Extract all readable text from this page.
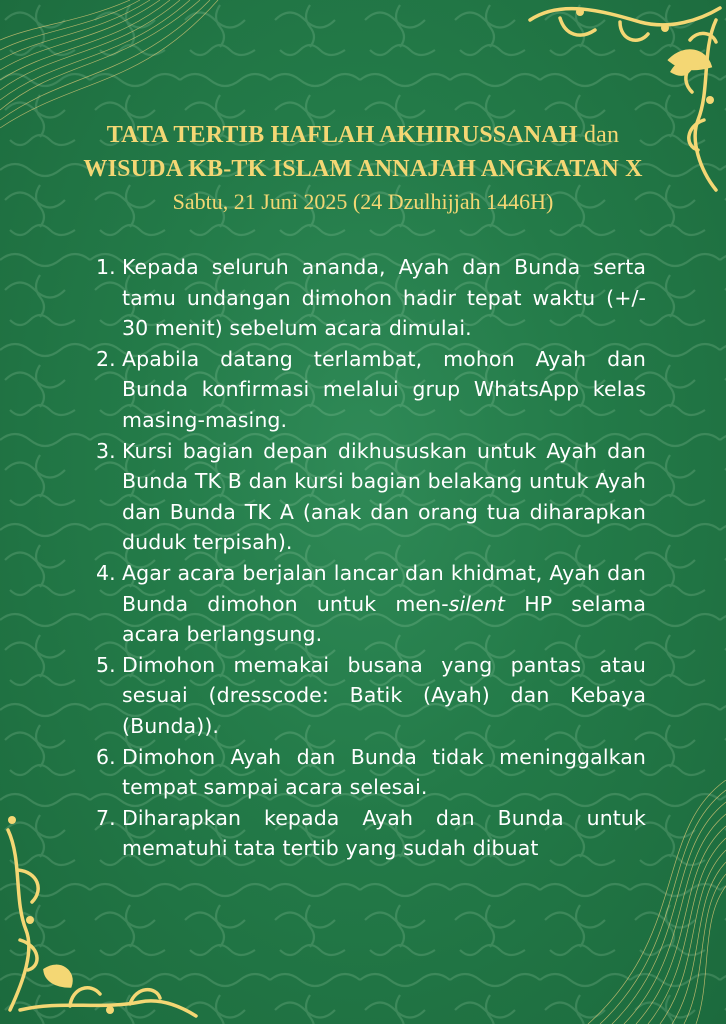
TATA TERTIB HAFLAH AKHIRUSSANAH dan
WISUDA KB-TK ISLAM ANNAJAH ANGKATAN X
Sabtu, 21 Juni 2025 (24 Dzulhijjah 1446H)
1. Kepada seluruh ananda, Ayah dan Bunda serta tamu undangan dimohon hadir tepat waktu (+/- 30 menit) sebelum acara dimulai.
2. Apabila datang terlambat, mohon Ayah dan Bunda konfirmasi melalui grup WhatsApp kelas masing-masing.
3. Kursi bagian depan dikhususkan untuk Ayah dan Bunda TK B dan kursi bagian belakang untuk Ayah dan Bunda TK A (anak dan orang tua diharapkan duduk terpisah).
4. Agar acara berjalan lancar dan khidmat, Ayah dan Bunda dimohon untuk men-silent HP selama acara berlangsung.
5. Dimohon memakai busana yang pantas atau sesuai (dresscode: Batik (Ayah) dan Kebaya (Bunda)).
6. Dimohon Ayah dan Bunda tidak meninggalkan tempat sampai acara selesai.
7. Diharapkan kepada Ayah dan Bunda untuk mematuhi tata tertib yang sudah dibuat
